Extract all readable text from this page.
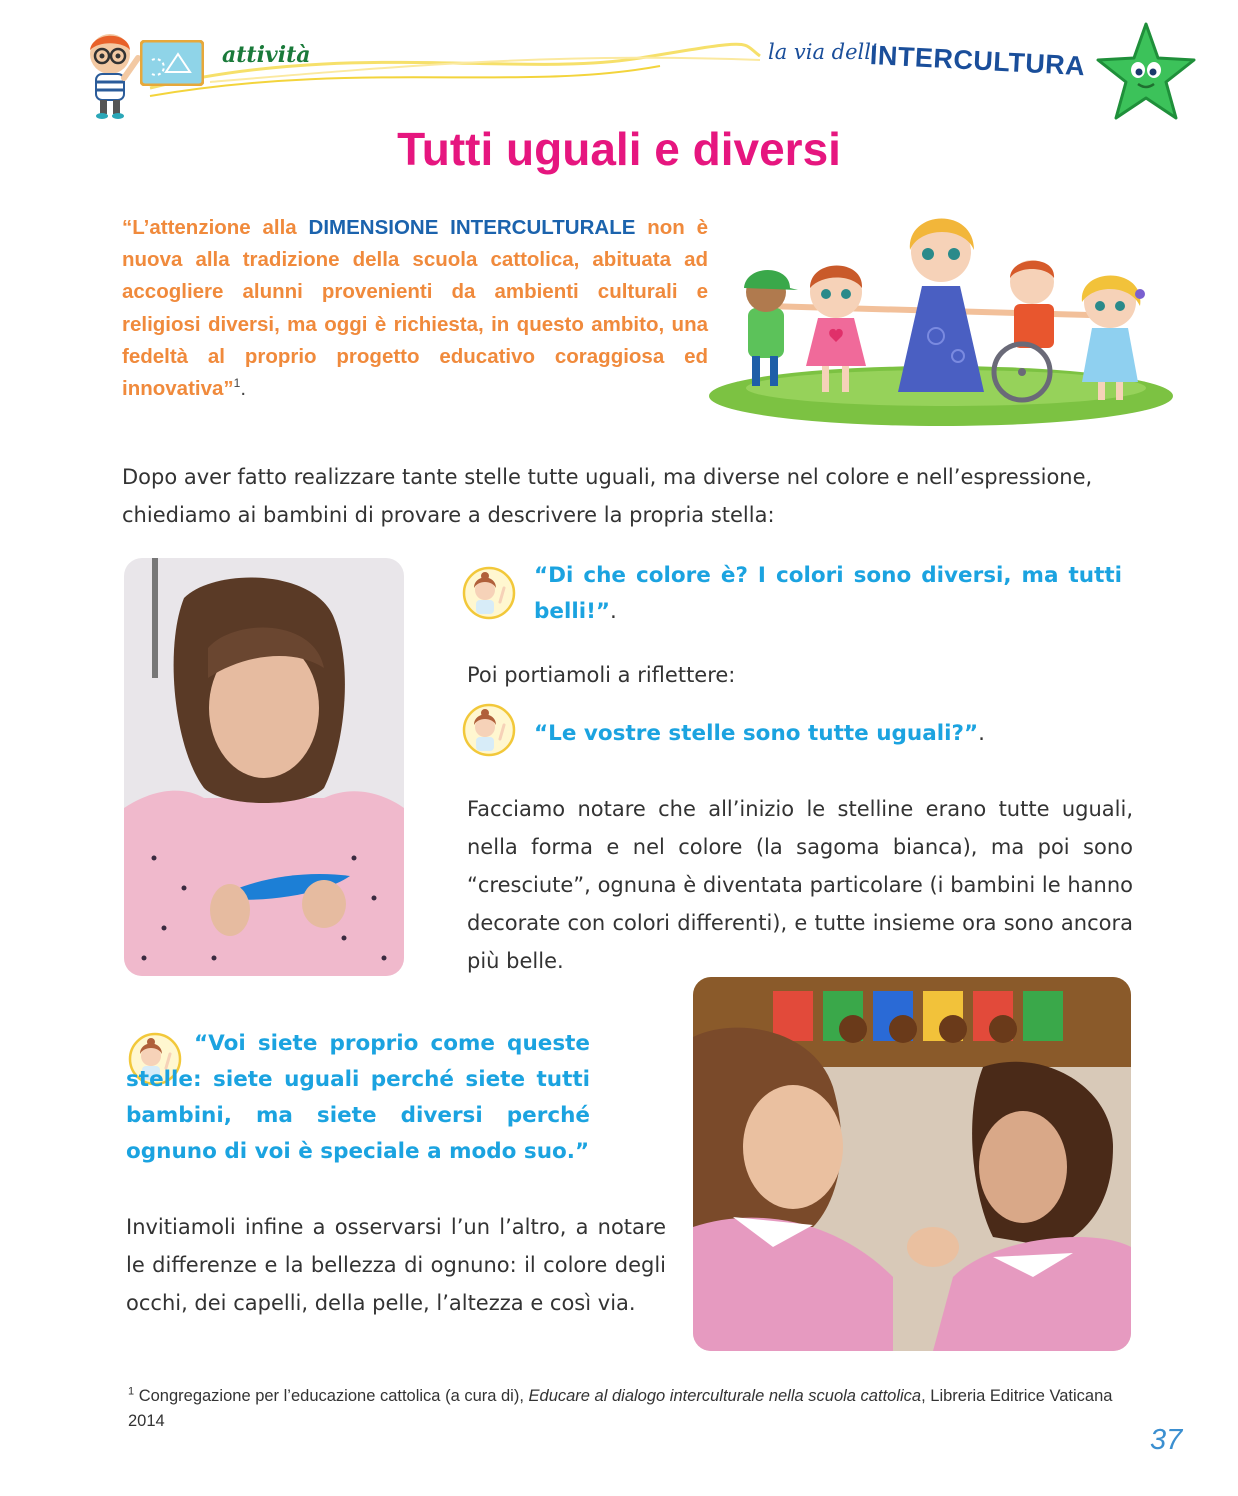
attività	la via dell’
INTERCULTURA
Tutti uguali e diversi

“L’attenzione alla DIMENSIONE INTERCULTURALE non è nuova alla tradizione della scuola cattolica, abituata ad accogliere alunni provenienti da ambienti culturali e religiosi diversi, ma oggi è richiesta, in questo ambito, una fedeltà al proprio progetto educativo coraggiosa ed innovativa”$^1$.

Dopo aver fatto realizzare tante stelle tutte uguali, ma diverse nel colore e nell’espressione, chiediamo ai bambini di provare a descrivere la propria stella:

“Di che colore è? I colori sono diversi, ma tutti belli!”.

Poi portiamoli a riflettere:

“Le vostre stelle sono tutte uguali?”.

Facciamo notare che all’inizio le stelline erano tutte uguali, nella forma e nel colore (la sagoma bianca), ma poi sono “cresciute”, ognuna è diventata particolare (i bambini le hanno decorate con colori differenti), e tutte insieme ora sono ancora più belle.

“Voi siete proprio come queste stelle: siete uguali perché siete tutti bambini, ma siete diversi perché ognuno di voi è speciale a modo suo.”

Invitiamoli infine a osservarsi l’un l’altro, a notare le differenze e la bellezza di ognuno: il colore degli occhi, dei capelli, della pelle, l’altezza e così via.

$^1$ Congregazione per l’educazione cattolica (a cura di), Educare al dialogo interculturale nella scuola cattolica, Libreria Editrice Vaticana 2014

37
